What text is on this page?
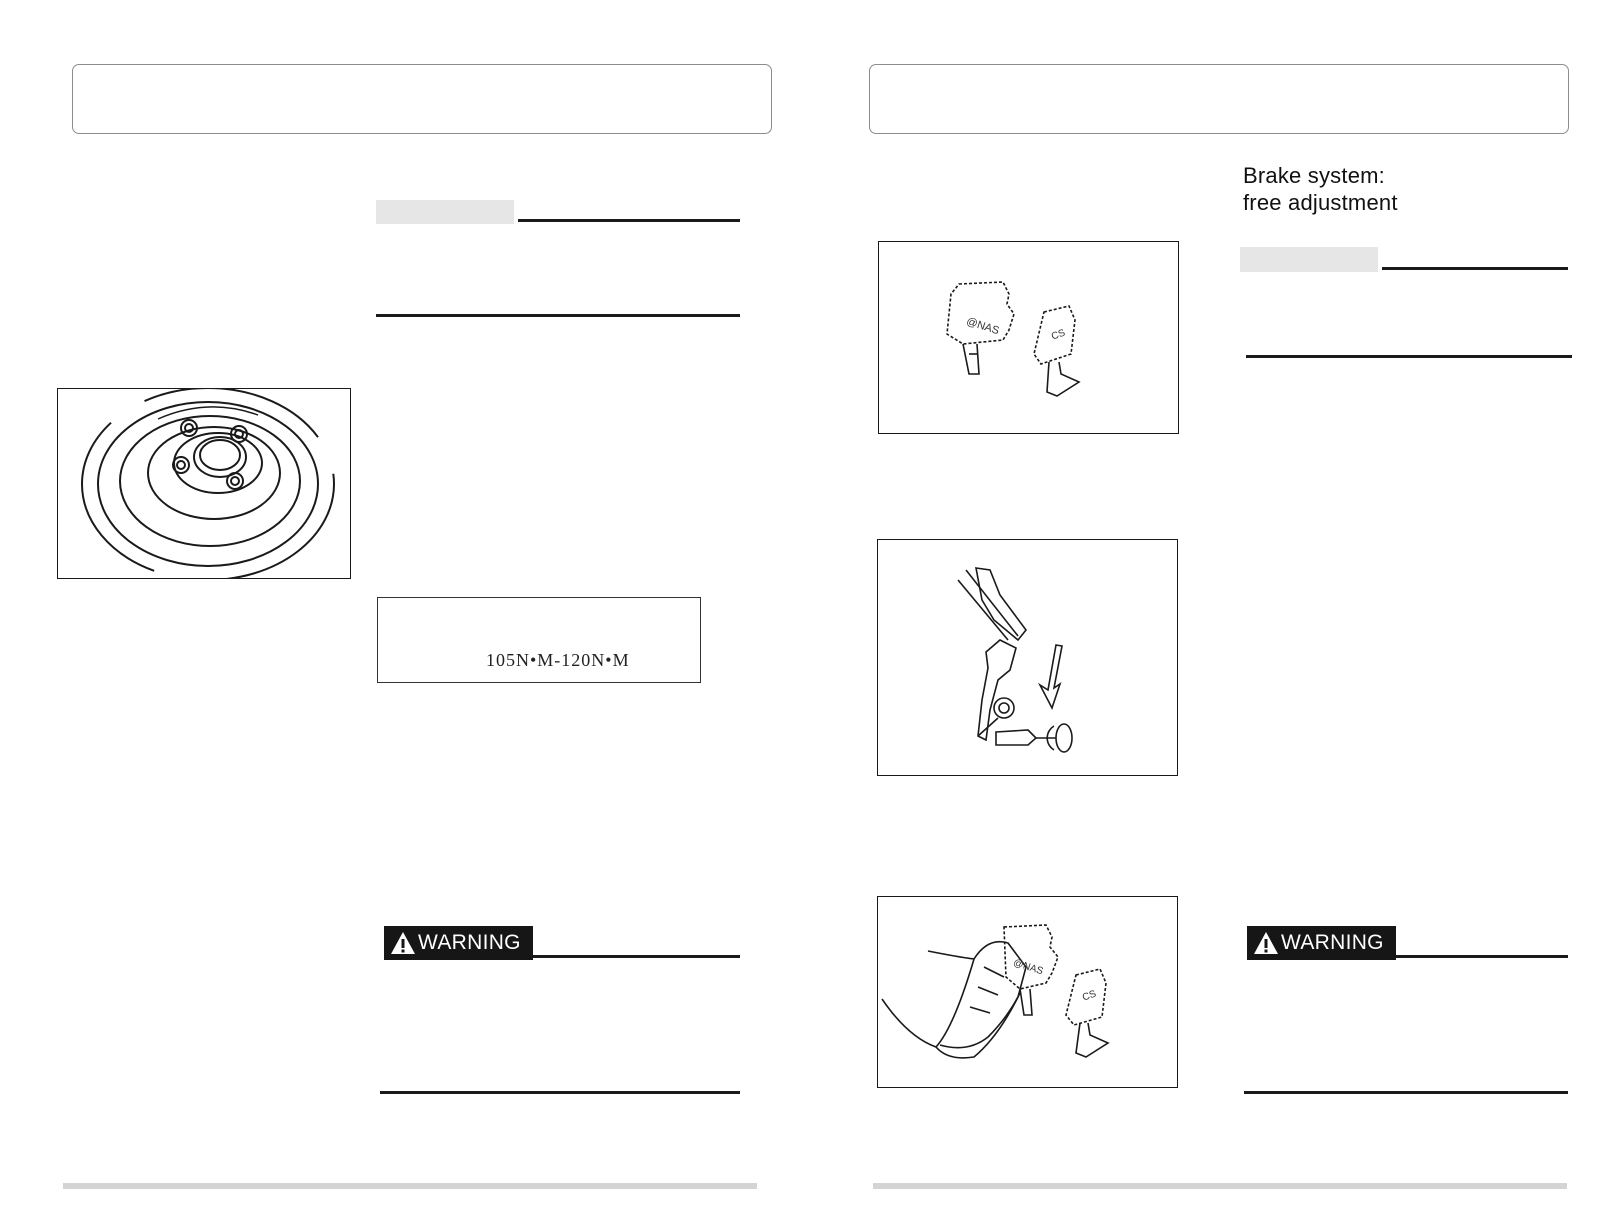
105N•M-120N•M
WARNING
Brake system:
free adjustment
@NAS	CS
@NAS
CS
WARNING
